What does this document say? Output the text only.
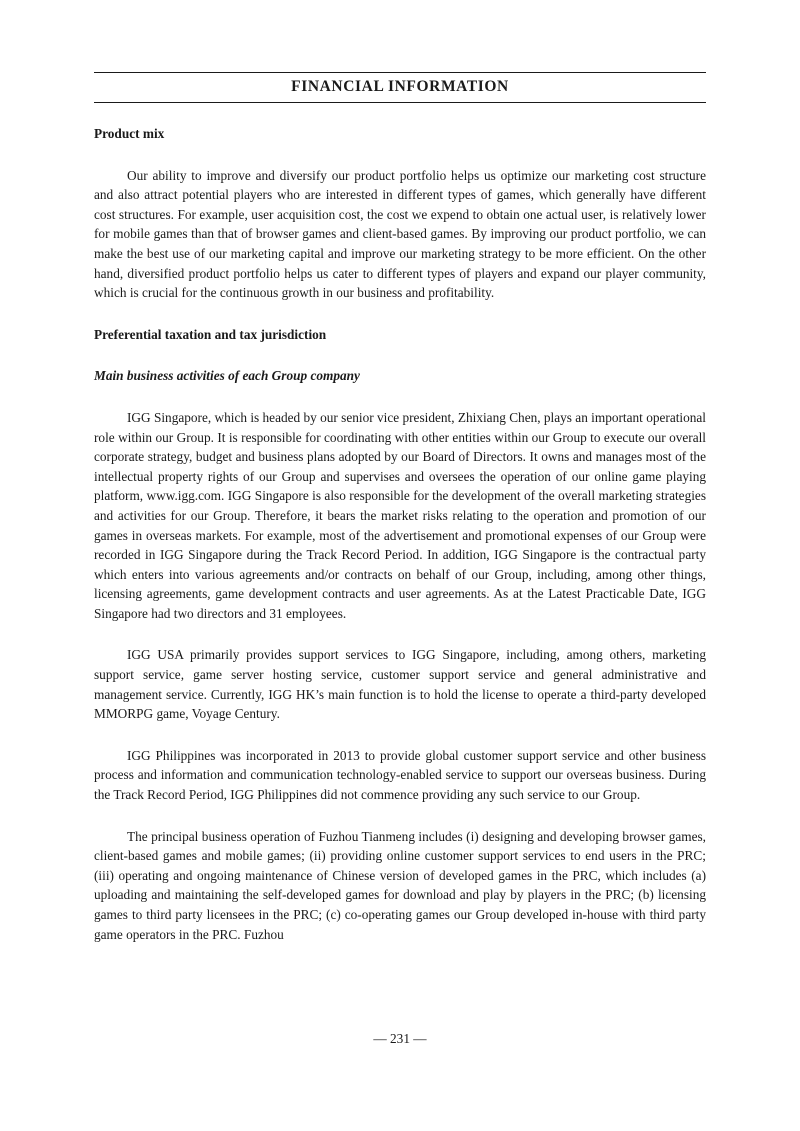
FINANCIAL INFORMATION
Product mix

Our ability to improve and diversify our product portfolio helps us optimize our marketing cost structure and also attract potential players who are interested in different types of games, which generally have different cost structures. For example, user acquisition cost, the cost we expend to obtain one actual user, is relatively lower for mobile games than that of browser games and client-based games. By improving our product portfolio, we can make the best use of our marketing capital and improve our marketing strategy to be more efficient. On the other hand, diversified product portfolio helps us cater to different types of players and expand our player community, which is crucial for the continuous growth in our business and profitability.

Preferential taxation and tax jurisdiction
Main business activities of each Group company

IGG Singapore, which is headed by our senior vice president, Zhixiang Chen, plays an important operational role within our Group. It is responsible for coordinating with other entities within our Group to execute our overall corporate strategy, budget and business plans adopted by our Board of Directors. It owns and manages most of the intellectual property rights of our Group and supervises and oversees the operation of our online game playing platform, www.igg.com. IGG Singapore is also responsible for the development of the overall marketing strategies and activities for our Group. Therefore, it bears the market risks relating to the operation and promotion of our games in overseas markets. For example, most of the advertisement and promotional expenses of our Group were recorded in IGG Singapore during the Track Record Period. In addition, IGG Singapore is the contractual party which enters into various agreements and/or contracts on behalf of our Group, including, among other things, licensing agreements, game development contracts and user agreements. As at the Latest Practicable Date, IGG Singapore had two directors and 31 employees.

IGG USA primarily provides support services to IGG Singapore, including, among others, marketing support service, game server hosting service, customer support service and general administrative and management service. Currently, IGG HK’s main function is to hold the license to operate a third-party developed MMORPG game, Voyage Century.

IGG Philippines was incorporated in 2013 to provide global customer support service and other business process and information and communication technology-enabled service to support our overseas business. During the Track Record Period, IGG Philippines did not commence providing any such service to our Group.

The principal business operation of Fuzhou Tianmeng includes (i) designing and developing browser games, client-based games and mobile games; (ii) providing online customer support services to end users in the PRC; (iii) operating and ongoing maintenance of Chinese version of developed games in the PRC, which includes (a) uploading and maintaining the self-developed games for download and play by players in the PRC; (b) licensing games to third party licensees in the PRC; (c) co-operating games our Group developed in-house with third party game operators in the PRC. Fuzhou

— 231 —
